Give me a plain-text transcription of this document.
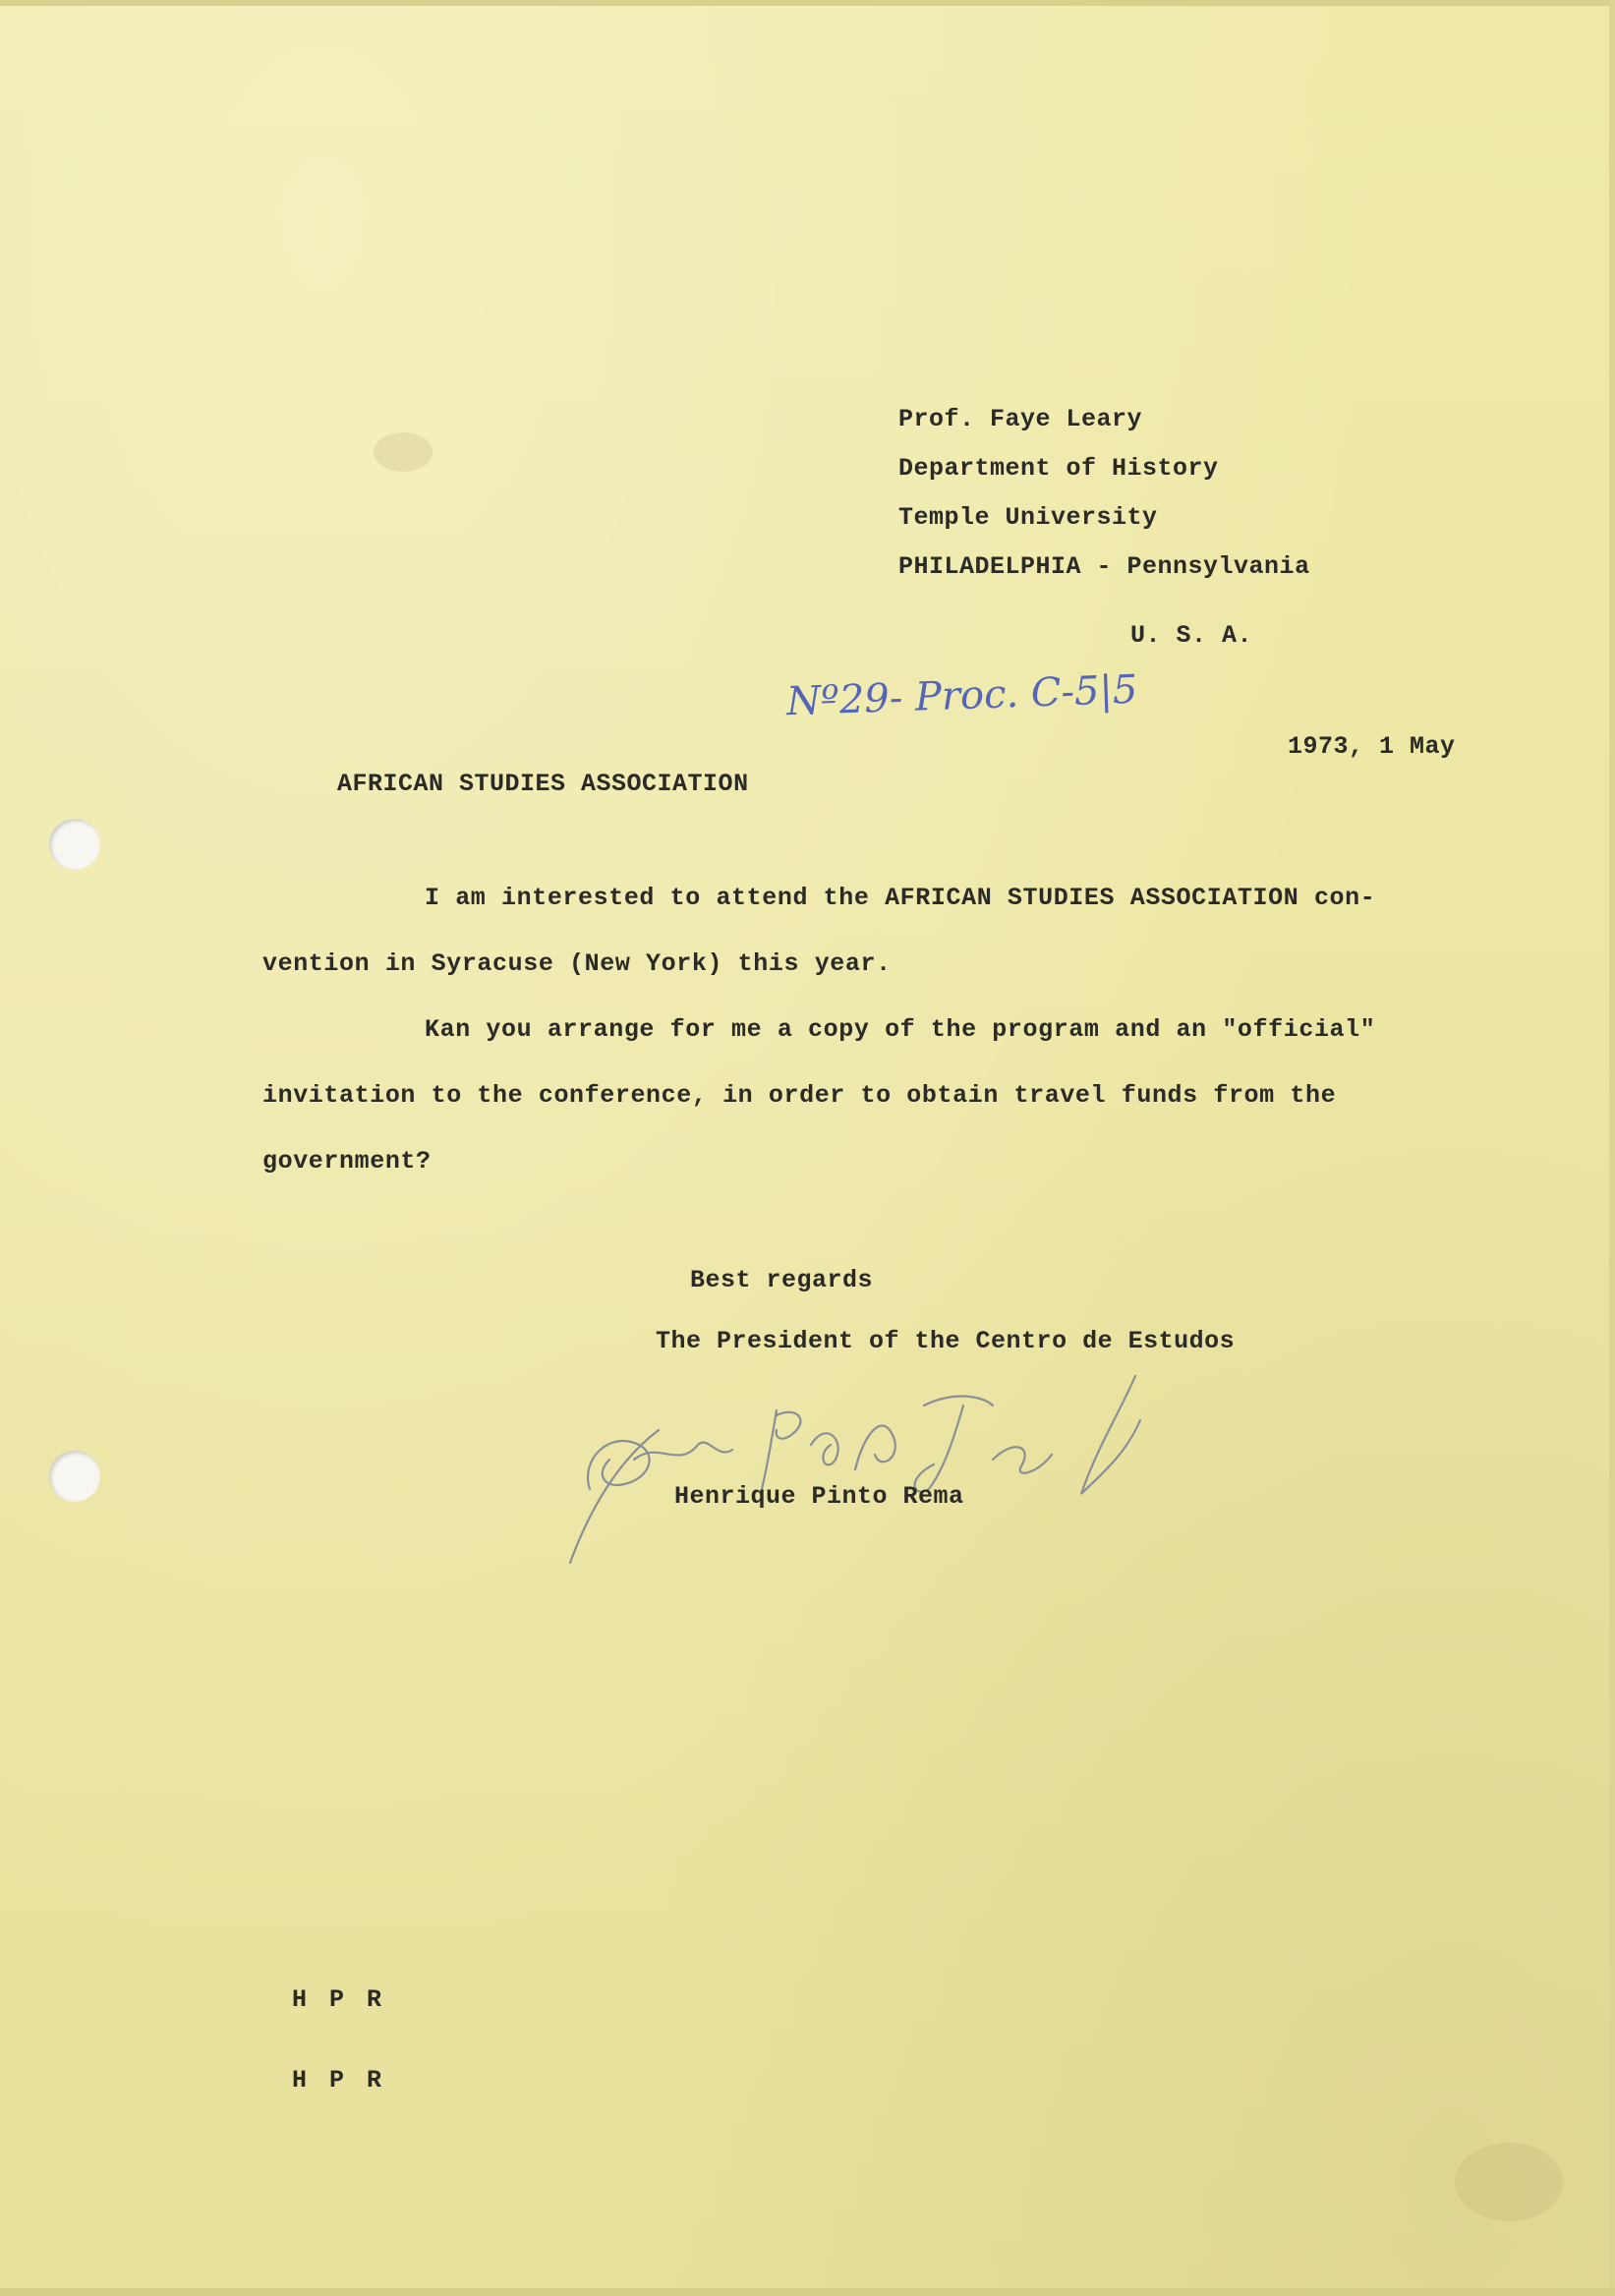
Prof. Faye Leary
Department of History
Temple University
PHILADELPHIA - Pennsylvania
U. S. A.
Nº29- Proc. C-5|5
1973, 1 May
AFRICAN STUDIES ASSOCIATION
I am interested to attend the AFRICAN STUDIES ASSOCIATION con-
vention in Syracuse (New York) this year.
Kan you arrange for me a copy of the program and an "official"
invitation to the conference, in order to obtain travel funds from the
government?
Best regards
The President of the Centro de Estudos
Henrique Pinto Rema
H P R
H P R
